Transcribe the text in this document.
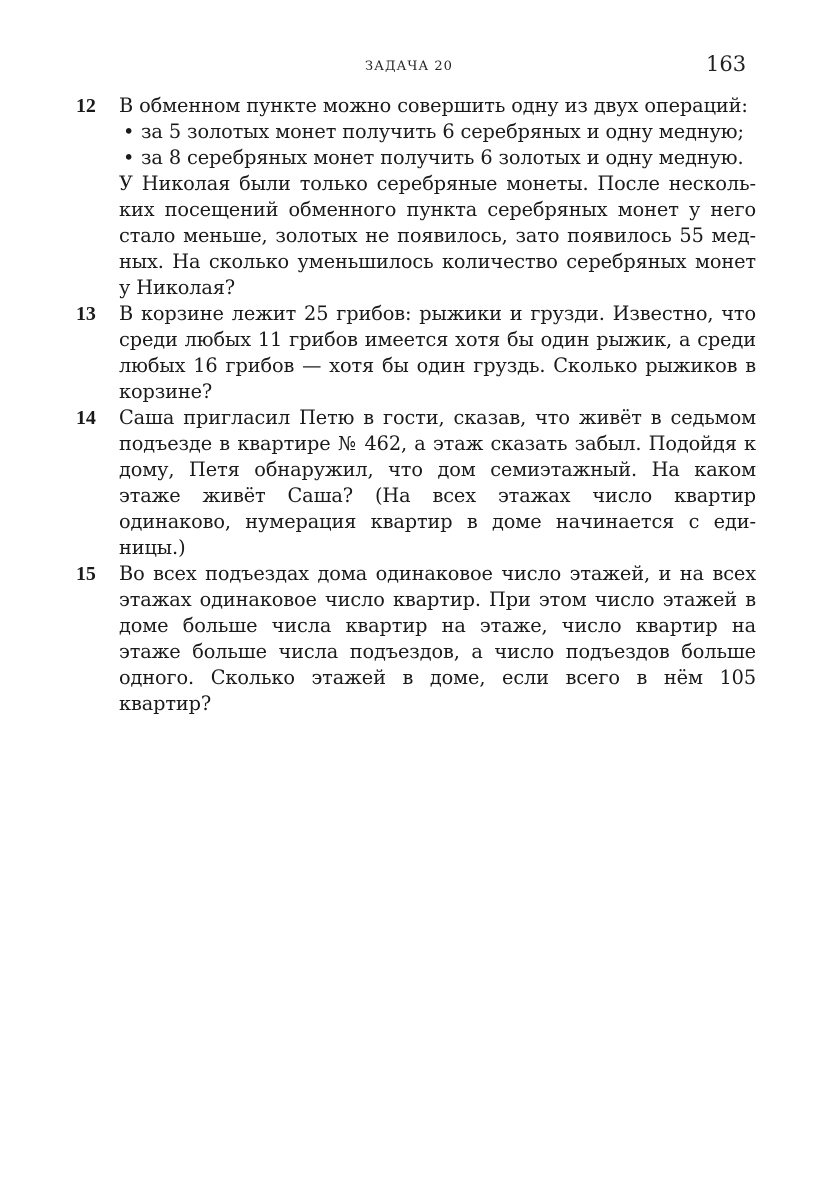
ЗАДАЧА 20	163
12 В обменном пункте можно совершить одну из двух операций:
• за 5 золотых монет получить 6 серебряных и одну медную;
• за 8 серебряных монет получить 6 золотых и одну медную.
У Николая были только серебряные монеты. После нескольких посещений обменного пункта серебряных монет у него стало меньше, золотых не появилось, зато появилось 55 медных. На сколько уменьшилось количество серебряных монет у Николая?
13 В корзине лежит 25 грибов: рыжики и грузди. Известно, что среди любых 11 грибов имеется хотя бы один рыжик, а среди любых 16 грибов — хотя бы один груздь. Сколько рыжиков в корзине?
14 Саша пригласил Петю в гости, сказав, что живёт в седьмом подъезде в квартире № 462, а этаж сказать забыл. Подойдя к дому, Петя обнаружил, что дом семиэтажный. На каком этаже живёт Саша? (На всех этажах число квартир одинаково, нумерация квартир в доме начинается с единицы.)
15 Во всех подъездах дома одинаковое число этажей, и на всех этажах одинаковое число квартир. При этом число этажей в доме больше числа квартир на этаже, число квартир на этаже больше числа подъездов, а число подъездов больше одного. Сколько этажей в доме, если всего в нём 105 квартир?
